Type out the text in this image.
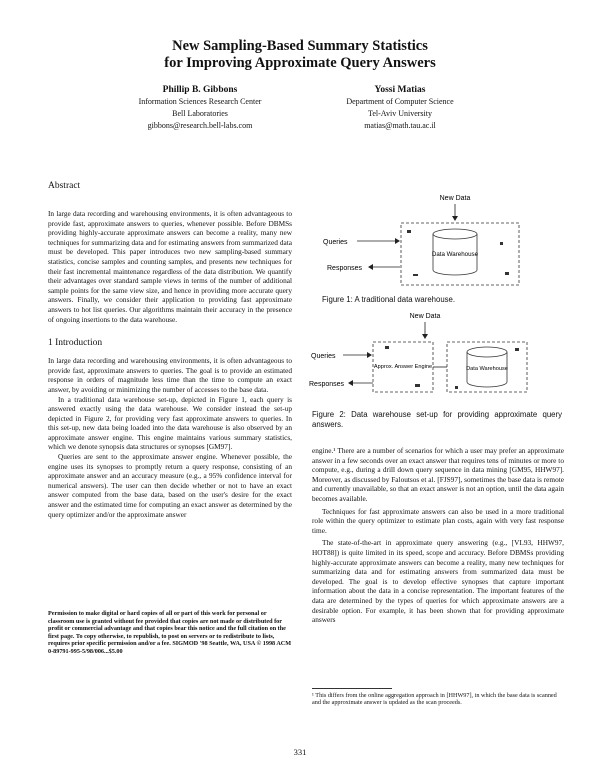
New Sampling-Based Summary Statistics
for Improving Approximate Query Answers
Phillip B. Gibbons
Information Sciences Research Center
Bell Laboratories
gibbons@research.bell-labs.com
Yossi Matias
Department of Computer Science
Tel-Aviv University
matias@math.tau.ac.il
Abstract

In large data recording and warehousing environments, it is often advantageous to provide fast, approximate answers to queries, whenever possible. Before DBMSs providing highly-accurate approximate answers can become a reality, many new techniques for summarizing data and for estimating answers from summarized data must be developed. This paper introduces two new sampling-based summary statistics, concise samples and counting samples, and presents new techniques for their fast incremental maintenance regardless of the data distribution. We quantify their advantages over standard sample views in terms of the number of additional sample points for the same view size, and hence in providing more accurate query answers. Finally, we consider their application to providing fast approximate answers to hot list queries. Our algorithms maintain their accuracy in the presence of ongoing insertions to the data warehouse.

1 Introduction

In large data recording and warehousing environments, it is often advantageous to provide fast, approximate answers to queries. The goal is to provide an estimated response in orders of magnitude less time than the time to compute an exact answer, by avoiding or minimizing the number of accesses to the base data.

In a traditional data warehouse set-up, depicted in Figure 1, each query is answered exactly using the data warehouse. We consider instead the set-up depicted in Figure 2, for providing very fast approximate answers to queries. In this set-up, new data being loaded into the data warehouse is also observed by an approximate answer engine. This engine maintains various summary statistics, which we denote synopsis data structures or synopses [GM97].

Queries are sent to the approximate answer engine. Whenever possible, the engine uses its synopses to promptly return a query response, consisting of an approximate answer and an accuracy measure (e.g., a 95% confidence interval for numerical answers). The user can then decide whether or not to have an exact answer computed from the base data, based on the user's desire for the exact answer and the estimated time for computing an exact answer as determined by the query optimizer and/or the approximate answer

Permission to make digital or hard copies of all or part of this work for personal or classroom use is granted without fee provided that copies are not made or distributed for profit or commercial advantage and that copies bear this notice and the full citation on the first page. To copy otherwise, to republish, to post on servers or to redistribute to lists, requires prior specific permission and/or a fee. SIGMOD '98 Seattle, WA, USA © 1998 ACM 0-89791-995-5/98/006...$5.00
New Data
Queries
Responses
Data Warehouse
Figure 1: A traditional data warehouse.
New Data
Queries
Responses
Approx. Answer Engine	Data Warehouse
Figure 2: Data warehouse set-up for providing approximate query answers.

engine.¹ There are a number of scenarios for which a user may prefer an approximate answer in a few seconds over an exact answer that requires tens of minutes or more to compute, e.g., during a drill down query sequence in data mining [GM95, HHW97]. Moreover, as discussed by Faloutsos et al. [FJS97], sometimes the base data is remote and currently unavailable, so that an exact answer is not an option, until the data again becomes available.

Techniques for fast approximate answers can also be used in a more traditional role within the query optimizer to estimate plan costs, again with very fast response time.

The state-of-the-art in approximate query answering (e.g., [VL93, HHW97, HOT88]) is quite limited in its speed, scope and accuracy. Before DBMSs providing highly-accurate approximate answers can become a reality, many new techniques for summarizing data and for estimating answers from summarized data must be developed. The goal is to develop effective synopses that capture important information about the data in a concise representation. The important features of the data are determined by the types of queries for which approximate answers are a desirable option. For example, it has been shown that for providing approximate answers

¹ This differs from the online aggregation approach in [HHW97], in which the base data is scanned and the approximate answer is updated as the scan proceeds.
331
